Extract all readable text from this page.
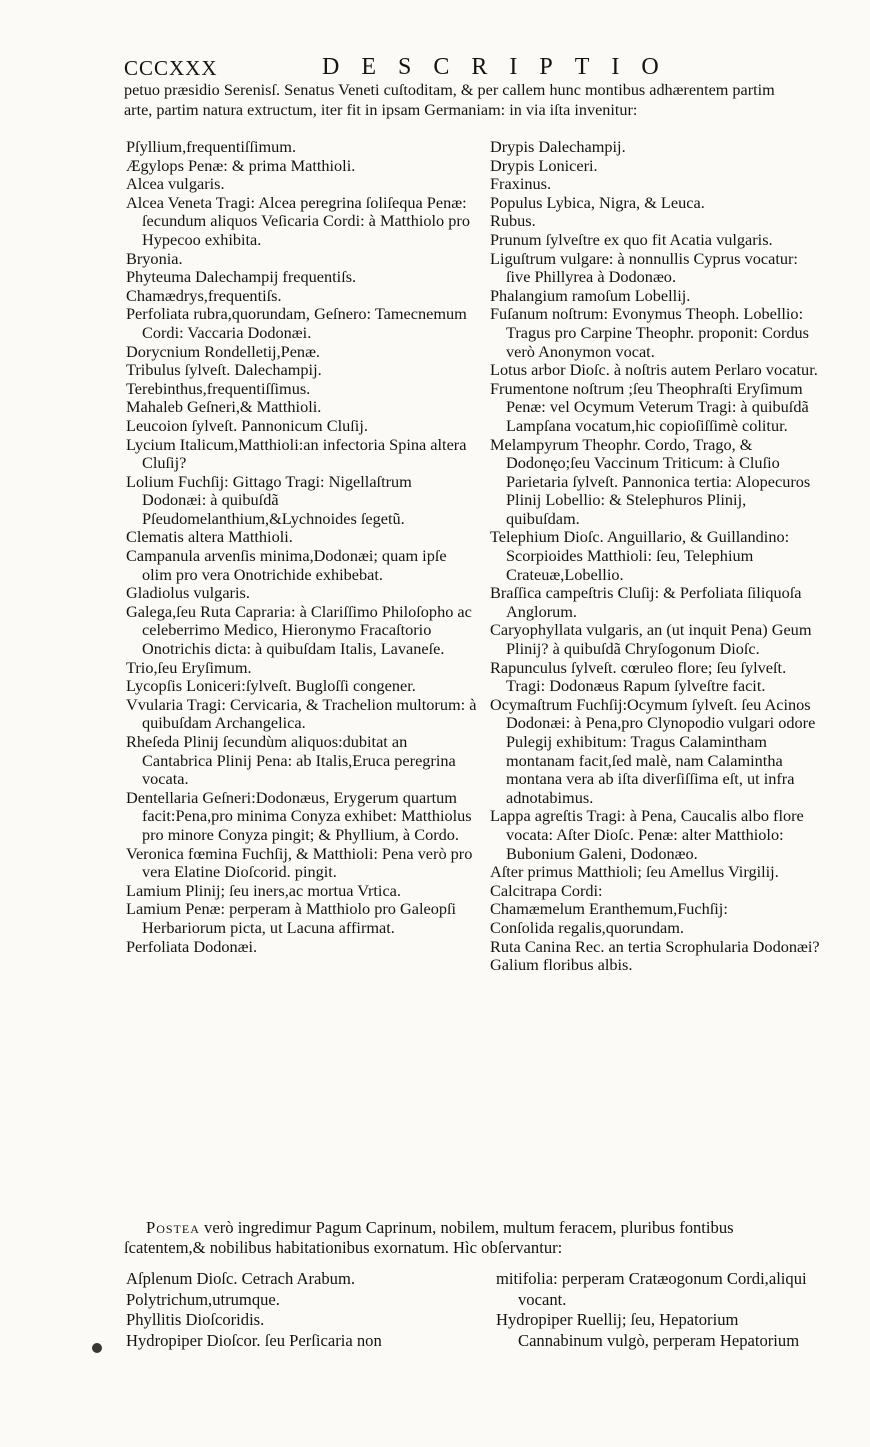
CCCXXX	DESCRIPTIO

petuo præsidio Serenisſ. Senatus Veneti cuſtoditam, & per callem hunc montibus adhærentem partim arte, partim natura extructum, iter fit in ipsam Germaniam: in via iſta invenitur:

Pſyllium,frequentiſſimum.

Ægylops Penæ: & prima Matthioli.

Alcea vulgaris.

Alcea Veneta Tragi: Alcea peregrina ſoliſequa Penæ: ſecundum aliquos Veſicaria Cordi: à Matthiolo pro Hypecoo exhibita.

Bryonia.

Phyteuma Dalechampij frequentiſs.

Chamædrys,frequentiſs.

Perfoliata rubra,quorundam, Geſnero: Tamecnemum Cordi: Vaccaria Dodonæi.

Dorycnium Rondelletij,Penæ.

Tribulus ſylveſt. Dalechampij.

Terebinthus,frequentiſſimus.

Mahaleb Geſneri,& Matthioli.

Leucoion ſylveſt. Pannonicum Cluſij.

Lycium Italicum,Matthioli:an infectoria Spina altera Cluſij?

Lolium Fuchſij: Gittago Tragi: Nigellaſtrum Dodonæi: à quibuſdã Pſeudomelanthium,&Lychnoides ſegetũ.

Clematis altera Matthioli.

Campanula arvenſis minima,Dodonæi; quam ipſe olim pro vera Onotrichide exhibebat.

Gladiolus vulgaris.

Galega,ſeu Ruta Capraria: à Clariſſimo Philoſopho ac celeberrimo Medico, Hieronymo Fracaſtorio Onotrichis dicta: à quibuſdam Italis, Lavaneſe.

Trio,ſeu Eryſimum.

Lycopſis Loniceri:ſylveſt. Bugloſſi congener.

Vvularia Tragi: Cervicaria, & Trachelion multorum: à quibuſdam Archangelica.

Rheſeda Plinij ſecundùm aliquos:dubitat an Cantabrica Plinij Pena: ab Italis,Eruca peregrina vocata.

Dentellaria Geſneri:Dodonæus, Erygerum quartum facit:Pena,pro minima Conyza exhibet: Matthiolus pro minore Conyza pingit; & Phyllium, à Cordo.

Veronica fœmina Fuchſij, & Matthioli: Pena verò pro vera Elatine Dioſcorid. pingit.

Lamium Plinij; ſeu iners,ac mortua Vrtica.

Lamium Penæ: perperam à Matthiolo pro Galeopſi Herbariorum picta, ut Lacuna affirmat.

Perfoliata Dodonæi.

Drypis Dalechampij.

Drypis Loniceri.

Fraxinus.

Populus Lybica, Nigra, & Leuca.

Rubus.

Prunum ſylveſtre ex quo fit Acatia vulgaris.

Liguſtrum vulgare: à nonnullis Cyprus vocatur: ſive Phillyrea à Dodonæo.

Phalangium ramoſum Lobellij.

Fuſanum noſtrum: Evonymus Theoph. Lobellio: Tragus pro Carpine Theophr. proponit: Cordus verò Anonymon vocat.

Lotus arbor Dioſc. à noſtris autem Perlaro vocatur.

Frumentone noſtrum ;ſeu Theophraſti Eryſimum Penæ: vel Ocymum Veterum Tragi: à quibuſdã Lampſana vocatum,hic copioſiſſimè colitur.

Melampyrum Theophr. Cordo, Trago, & Dodonęo;ſeu Vaccinum Triticum: à Cluſio Parietaria ſylveſt. Pannonica tertia: Alopecuros Plinij Lobellio: & Stelephuros Plinij, quibuſdam.

Telephium Dioſc. Anguillario, & Guillandino: Scorpioides Matthioli: ſeu, Telephium Crateuæ,Lobellio.

Braſſica campeſtris Cluſij: & Perfoliata ſiliquoſa Anglorum.

Caryophyllata vulgaris, an (ut inquit Pena) Geum Plinij? à quibuſdã Chryſogonum Dioſc.

Rapunculus ſylveſt. cœruleo flore; ſeu ſylveſt. Tragi: Dodonæus Rapum ſylveſtre facit.

Ocymaſtrum Fuchſij:Ocymum ſylveſt. ſeu Acinos Dodonæi: à Pena,pro Clynopodio vulgari odore Pulegij exhibitum: Tragus Calamintham montanam facit,ſed malè, nam Calamintha montana vera ab iſta diverſiſſima eſt, ut infra adnotabimus.

Lappa agreſtis Tragi: à Pena, Caucalis albo flore vocata: Aſter Dioſc. Penæ: alter Matthiolo: Bubonium Galeni, Dodonæo.

Aſter primus Matthioli; ſeu Amellus Virgilij.

Calcitrapa Cordi:

Chamæmelum Eranthemum,Fuchſij:

Conſolida regalis,quorundam.

Ruta Canina Rec. an tertia Scrophularia Dodonæi?

Galium floribus albis.

Postea verò ingredimur Pagum Caprinum, nobilem, multum feracem, pluribus fontibus ſcatentem,& nobilibus habitationibus exornatum. Hìc obſervantur:

Aſplenum Dioſc. Cetrach Arabum.

Polytrichum,utrumque.

Phyllitis Dioſcoridis.

Hydropiper Dioſcor. ſeu Perſicaria non

mitifolia: perperam Cratæogonum Cordi,aliqui vocant.

Hydropiper Ruellij; ſeu, Hepatorium Cannabinum vulgò, perperam Hepatorium
